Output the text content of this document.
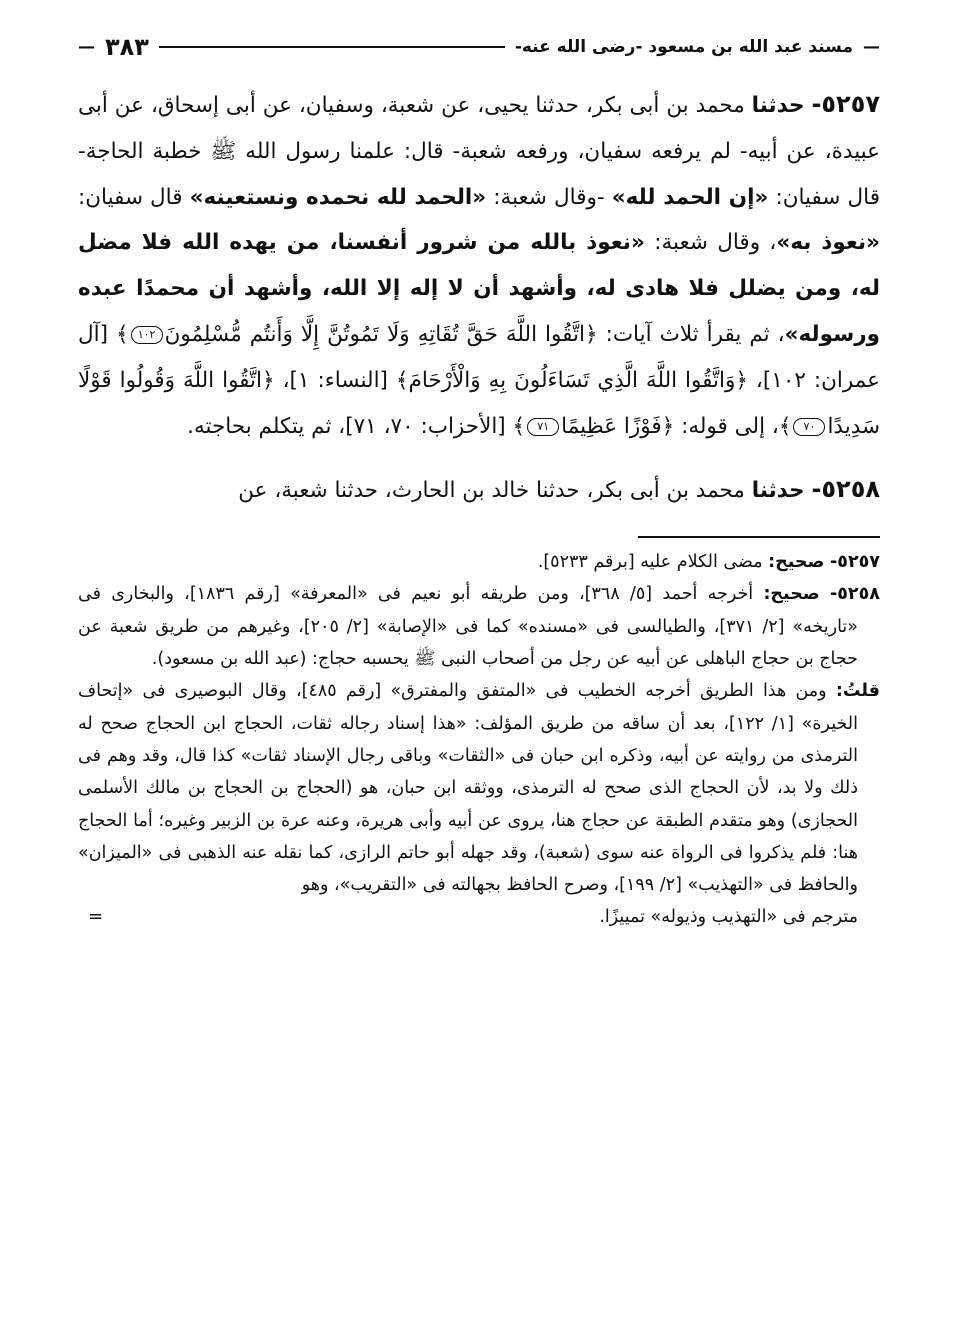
—
مسند عبد الله بن مسعود -رضى الله عنه-
٣٨٣
—

٥٢٥٧- حدثنا محمد بن أبى بكر، حدثنا يحيى، عن شعبة، وسفيان، عن أبى إسحاق، عن أبى عبيدة، عن أبيه- لم يرفعه سفيان، ورفعه شعبة- قال: علمنا رسول الله ﷺ خطبة الحاجة- قال سفيان: «إن الحمد لله» -وقال شعبة: «الحمد لله نحمده ونستعينه» قال سفيان: «نعوذ به»، وقال شعبة: «نعوذ بالله من شرور أنفسنا، من يهده الله فلا مضل له، ومن يضلل فلا هادى له، وأشهد أن لا إله إلا الله، وأشهد أن محمدًا عبده ورسوله»، ثم يقرأ ثلاث آيات: ﴿اتَّقُوا اللَّهَ حَقَّ تُقَاتِهِ وَلَا تَمُوتُنَّ إِلَّا وَأَنتُم مُّسْلِمُونَ١٠٢﴾ [آل عمران: ١٠٢]، ﴿وَاتَّقُوا اللَّهَ الَّذِي تَسَاءَلُونَ بِهِ وَالْأَرْحَامَ﴾ [النساء: ١]، ﴿اتَّقُوا اللَّهَ وَقُولُوا قَوْلًا سَدِيدًا٧٠﴾، إلى قوله: ﴿فَوْزًا عَظِيمًا٧١﴾ [الأحزاب: ٧٠، ٧١]، ثم يتكلم بحاجته.

٥٢٥٨- حدثنا محمد بن أبى بكر، حدثنا خالد بن الحارث، حدثنا شعبة، عن

٥٢٥٧- صحيح: مضى الكلام عليه [برقم ٥٢٣٣].

٥٢٥٨- صحيح: أخرجه أحمد [٥/ ٣٦٨]، ومن طريقه أبو نعيم فى «المعرفة» [رقم ١٨٣٦]، والبخارى فى «تاريخه» [٢/ ٣٧١]، والطيالسى فى «مسنده» كما فى «الإصابة» [٢/ ٢٠٥]، وغيرهم من طريق شعبة عن حجاج بن حجاج الباهلى عن أبيه عن رجل من أصحاب النبى ﷺ يحسبه حجاج: (عبد الله بن مسعود).

قلتُ: ومن هذا الطريق أخرجه الخطيب فى «المتفق والمفترق» [رقم ٤٨٥]، وقال البوصيرى فى «إتحاف الخيرة» [١/ ١٢٢]، بعد أن ساقه من طريق المؤلف: «هذا إسناد رجاله ثقات، الحجاج ابن الحجاج صحح له الترمذى من روايته عن أبيه، وذكره ابن حبان فى «الثقات» وباقى رجال الإسناد ثقات» كذا قال، وقد وهم فى ذلك ولا بد، لأن الحجاج الذى صحح له الترمذى، ووثقه ابن حبان، هو (الحجاج بن الحجاج بن مالك الأسلمى الحجازى) وهو متقدم الطبقة عن حجاج هنا، يروى عن أبيه وأبى هريرة، وعنه عرة بن الزبير وغيره؛ أما الحجاج هنا: فلم يذكروا فى الرواة عنه سوى (شعبة)، وقد جهله أبو حاتم الرازى، كما نقله عنه الذهبى فى «الميزان» والحافظ فى «التهذيب» [٢/ ١٩٩]، وصرح الحافظ بجهالته فى «التقريب»، وهو

مترجم فى «التهذيب وذيوله» تمييزًا.
=
